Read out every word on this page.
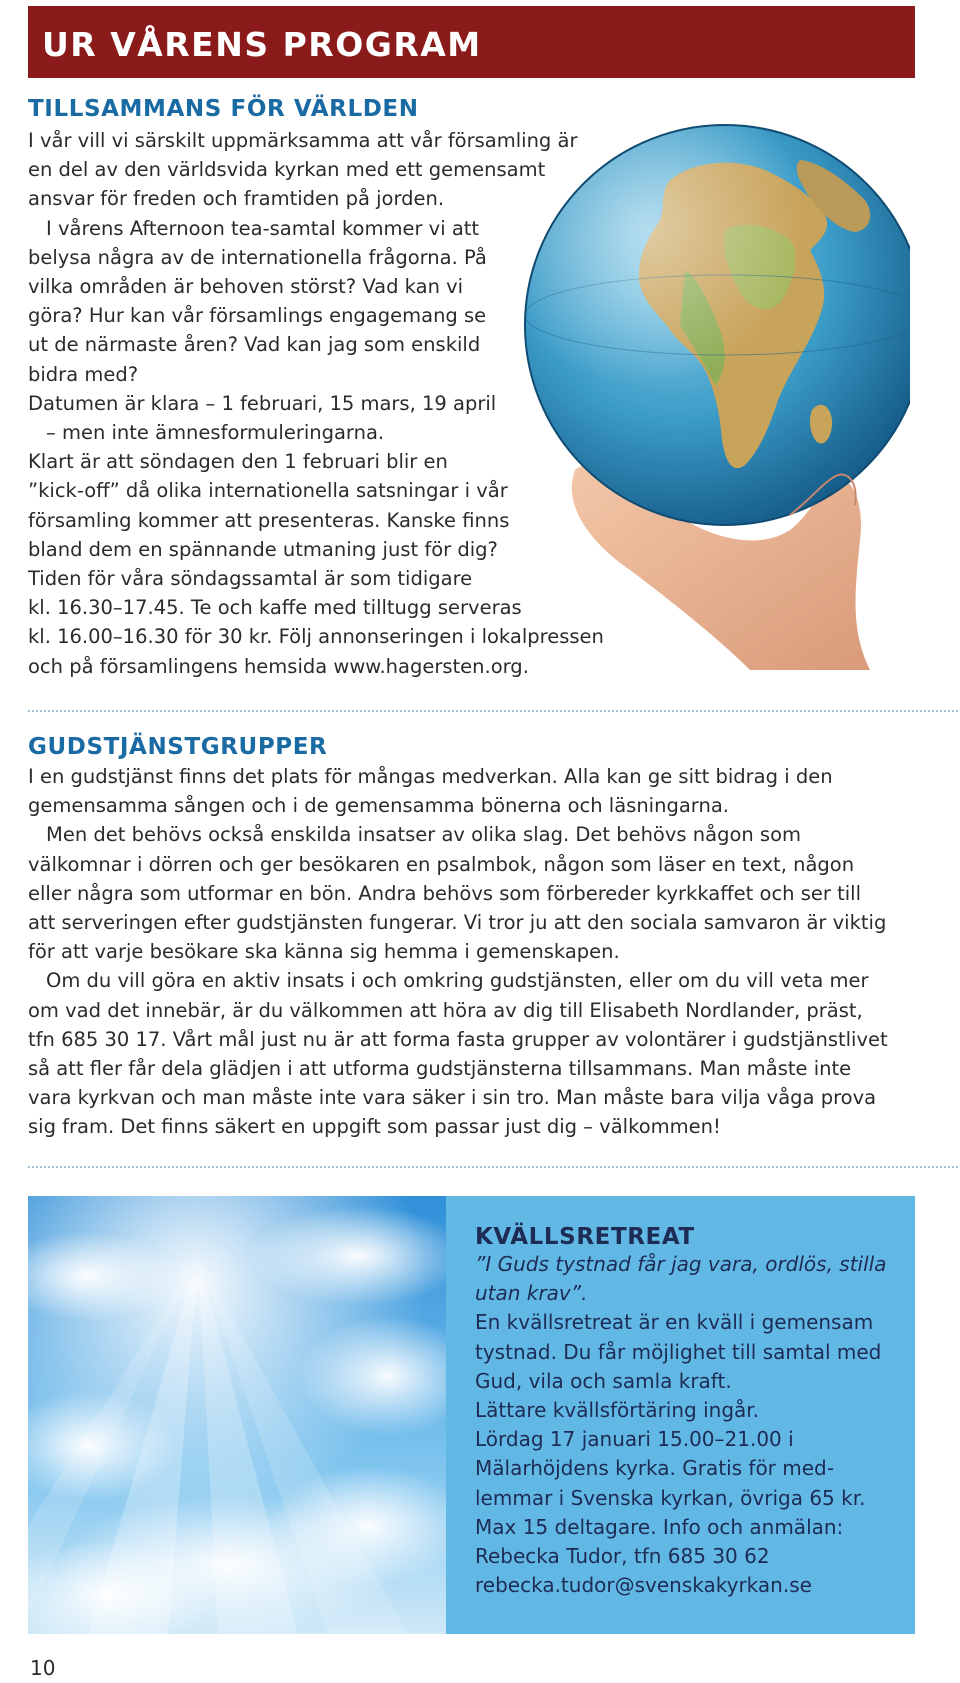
UR VÅRENS PROGRAM
TILLSAMMANS FÖR VÄRLDEN

I vår vill vi särskilt uppmärksamma att vår församling är

en del av den världsvida kyrkan med ett gemensamt

ansvar för freden och framtiden på jorden.

I vårens Afternoon tea-samtal kommer vi att

belysa några av de internationella frågorna. På

vilka områden är behoven störst? Vad kan vi

göra? Hur kan vår församlings engagemang se

ut de närmaste åren? Vad kan jag som enskild

bidra med?

Datumen är klara – 1 februari, 15 mars, 19 april

– men inte ämnesformuleringarna.

Klart är att söndagen den 1 februari blir en

”kick-off” då olika internationella satsningar i vår

församling kommer att presenteras. Kanske finns

bland dem en spännande utmaning just för dig?

Tiden för våra söndagssamtal är som tidigare

kl. 16.30–17.45. Te och kaffe med tilltugg serveras

kl. 16.00–16.30 för 30 kr. Följ annonseringen i lokalpressen

och på församlingens hemsida www.hagersten.org.

GUDSTJÄNSTGRUPPER

I en gudstjänst finns det plats för mångas medverkan. Alla kan ge sitt bidrag i den

gemensamma sången och i de gemensamma bönerna och läsningarna.

Men det behövs också enskilda insatser av olika slag. Det behövs någon som

välkomnar i dörren och ger besökaren en psalmbok, någon som läser en text, någon

eller några som utformar en bön. Andra behövs som förbereder kyrkkaffet och ser till

att serveringen efter gudstjänsten fungerar. Vi tror ju att den sociala samvaron är viktig

för att varje besökare ska känna sig hemma i gemenskapen.

Om du vill göra en aktiv insats i och omkring gudstjänsten, eller om du vill veta mer

om vad det innebär, är du välkommen att höra av dig till Elisabeth Nordlander, präst,

tfn 685 30 17. Vårt mål just nu är att forma fasta grupper av volontärer i gudstjänstlivet

så att fler får dela glädjen i att utforma gudstjänsterna tillsammans. Man måste inte

vara kyrkvan och man måste inte vara säker i sin tro. Man måste bara vilja våga prova

sig fram. Det finns säkert en uppgift som passar just dig – välkommen!

KVÄLLSRETREAT

”I Guds tystnad får jag vara, ordlös, stilla

utan krav”.

En kvällsretreat är en kväll i gemensam

tystnad. Du får möjlighet till samtal med

Gud, vila och samla kraft.

Lättare kvällsförtäring ingår.

Lördag 17 januari 15.00–21.00 i

Mälarhöjdens kyrka. Gratis för med-

lemmar i Svenska kyrkan, övriga 65 kr.

Max 15 deltagare. Info och anmälan:

Rebecka Tudor, tfn 685 30 62

rebecka.tudor@svenskakyrkan.se

10
